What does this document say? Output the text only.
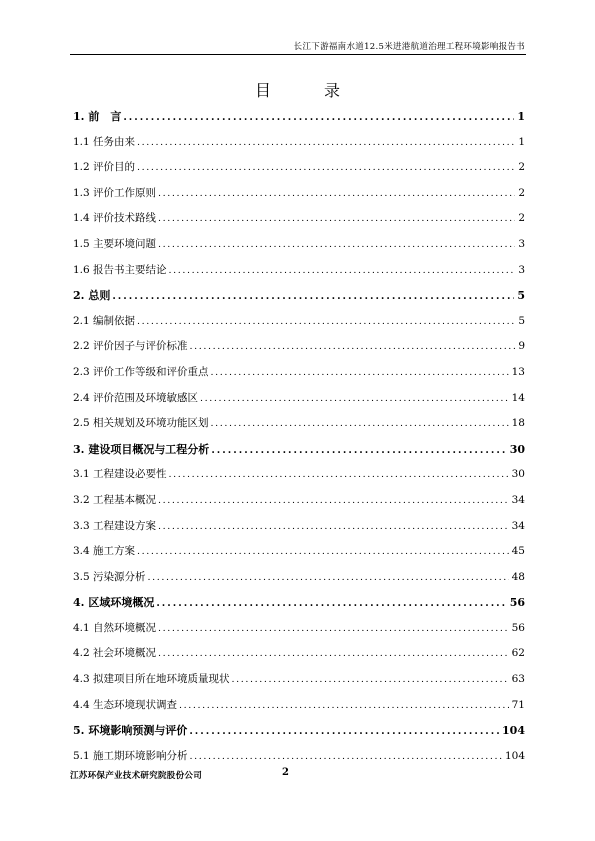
长江下游福南水道12.5米进港航道治理工程环境影响报告书
目 录
1. 前　言 .....	1
1.1 任务由来 .....	1
1.2 评价目的 .....	2
1.3 评价工作原则 .....	2
1.4 评价技术路线 .....	2
1.5 主要环境问题 .....	3
1.6 报告书主要结论 .....	3
2. 总则 .....	5
2.1 编制依据 .....	5
2.2 评价因子与评价标准 .....	9
2.3 评价工作等级和评价重点 .....	13
2.4 评价范围及环境敏感区 .....	14
2.5 相关规划及环境功能区划 .....	18
3. 建设项目概况与工程分析 .....	30
3.1 工程建设必要性 .....	30
3.2 工程基本概况 .....	34
3.3 工程建设方案 .....	34
3.4 施工方案 .....	45
3.5 污染源分析 .....	48
4. 区域环境概况 .....	56
4.1 自然环境概况 .....	56
4.2 社会环境概况 .....	62
4.3 拟建项目所在地环境质量现状 .....	63
4.4 生态环境现状调查 .....	71
5. 环境影响预测与评价 .....	104
5.1 施工期环境影响分析 .....	104
江苏环保产业技术研究院股份公司	2
